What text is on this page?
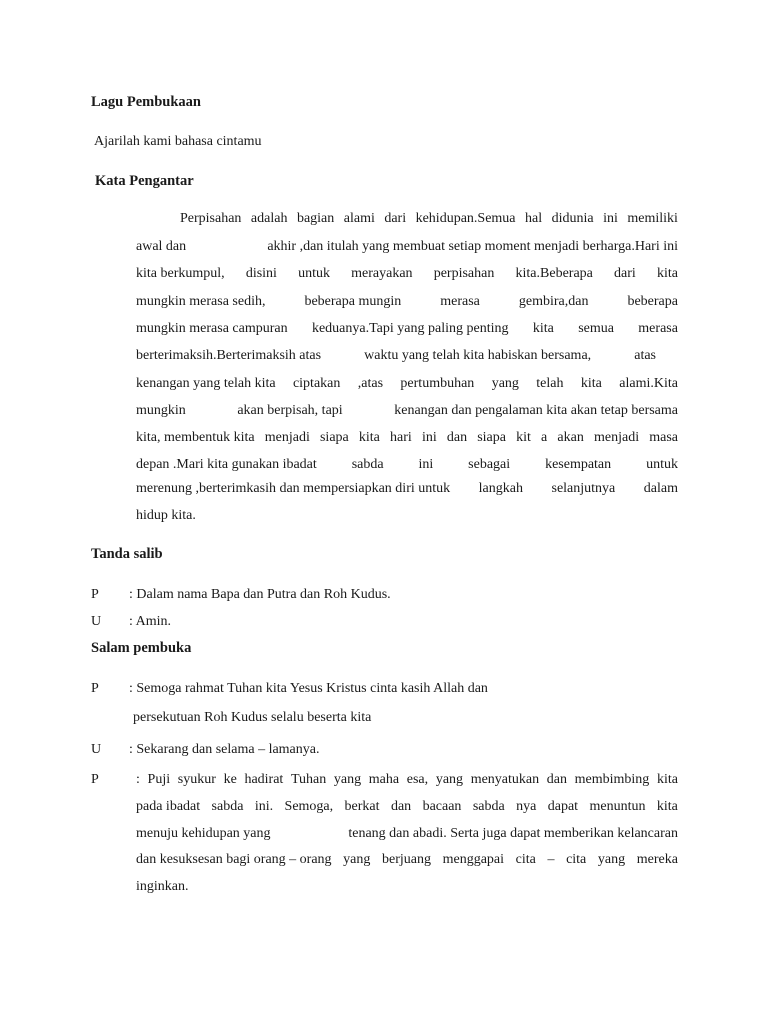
Lagu Pembukaan
Ajarilah kami bahasa cintamu
Kata Pengantar
Perpisahan adalah bagian alami dari kehidupan.Semua hal didunia ini memiliki
awal dan	akhir ,dan itulah yang membuat setiap moment menjadi berharga.Hari ini
kita berkumpul, disini untuk merayakan perpisahan kita.Beberapa dari kita
mungkin merasa sedih,	beberapa mungin	merasa	gembira,dan	beberapa
mungkin merasa campuran keduanya.Tapi yang paling penting kita semua merasa
berterimaksih.Berterimaksih atas	waktu yang telah kita habiskan bersama,	atas
kenangan yang telah kita ciptakan ,atas pertumbuhan yang telah kita alami.Kita
mungkin	akan berpisah, tapi	kenangan dan pengalaman kita akan tetap bersama
kita, membentuk kita menjadi siapa kita hari ini dan siapa kit a akan menjadi masa
depan .Mari kita gunakan ibadat sabda ini sebagai kesempatan untuk
merenung ,berterimkasih dan mempersiapkan diri untuk langkah selanjutnya dalam
hidup kita.
Tanda salib
P : Dalam nama Bapa dan Putra dan Roh Kudus.
U : Amin.
Salam pembuka
P : Semoga rahmat Tuhan kita Yesus Kristus cinta kasih Allah dan
persekutuan Roh Kudus selalu beserta kita
U : Sekarang dan selama – lamanya.
P	: Puji syukur ke hadirat Tuhan yang maha esa, yang menyatukan dan membimbing kita
pada ibadat sabda ini. Semoga, berkat dan bacaan sabda nya dapat menuntun kita
menuju kehidupan yang	tenang dan abadi. Serta juga dapat memberikan kelancaran
dan kesuksesan bagi orang – orang yang berjuang menggapai cita – cita yang mereka
inginkan.
